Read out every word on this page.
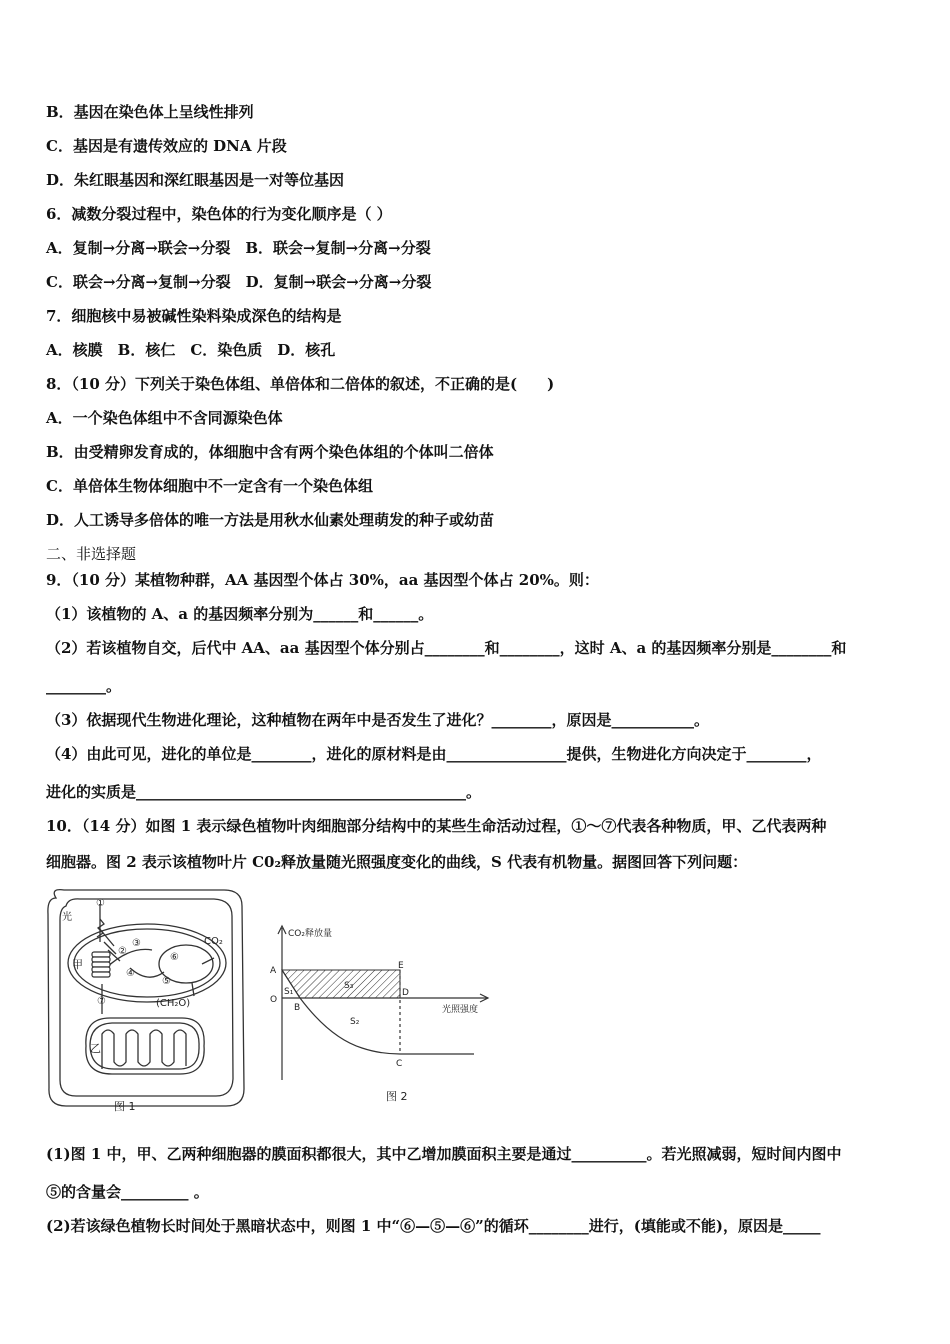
B．基因在染色体上呈线性排列
C．基因是有遗传效应的 DNA 片段
D．朱红眼基因和深红眼基因是一对等位基因
6．减数分裂过程中，染色体的行为变化顺序是（ ）
A．复制→分离→联会→分裂　B．联会→复制→分离→分裂
C．联会→分离→复制→分裂　D．复制→联会→分离→分裂
7．细胞核中易被碱性染料染成深色的结构是
A．核膜　B．核仁　C．染色质　D．核孔
8．（10 分）下列关于染色体组、单倍体和二倍体的叙述，不正确的是(　　)
A．一个染色体组中不含同源染色体
B．由受精卵发育成的，体细胞中含有两个染色体组的个体叫二倍体
C．单倍体生物体细胞中不一定含有一个染色体组
D．人工诱导多倍体的唯一方法是用秋水仙素处理萌发的种子或幼苗
二、非选择题
9．（10 分）某植物种群，AA 基因型个体占 30%，aa 基因型个体占 20%。则：
（1）该植物的 A、a 的基因频率分别为______和______。
（2）若该植物自交，后代中 AA、aa 基因型个体分别占________和________，这时 A、a 的基因频率分别是________和
________。
（3）依据现代生物进化理论，这种植物在两年中是否发生了进化？________，原因是___________。
（4）由此可见，进化的单位是________，进化的原材料是由________________提供，生物进化方向决定于________，
进化的实质是____________________________________________。
10．（14 分）如图 1 表示绿色植物叶肉细胞部分结构中的某些生命活动过程，①～⑦代表各种物质，甲、乙代表两种
细胞器。图 2 表示该植物叶片 C0₂释放量随光照强度变化的曲线，S 代表有机物量。据图回答下列问题：
光
①
②
③
④
⑤
⑥
⑦
甲
乙
CO₂
(CH₂O)
图 1
CO₂释放量
光照强度
A
O
B
E
D
C
S₁
S₃
S₂
图 2
(1)图 1 中，甲、乙两种细胞器的膜面积都很大，其中乙增加膜面积主要是通过__________。若光照减弱，短时间内图中
⑤的含量会_________ 。
(2)若该绿色植物长时间处于黑暗状态中，则图 1 中“⑥—⑤—⑥”的循环________进行，(填能或不能)，原因是_____
